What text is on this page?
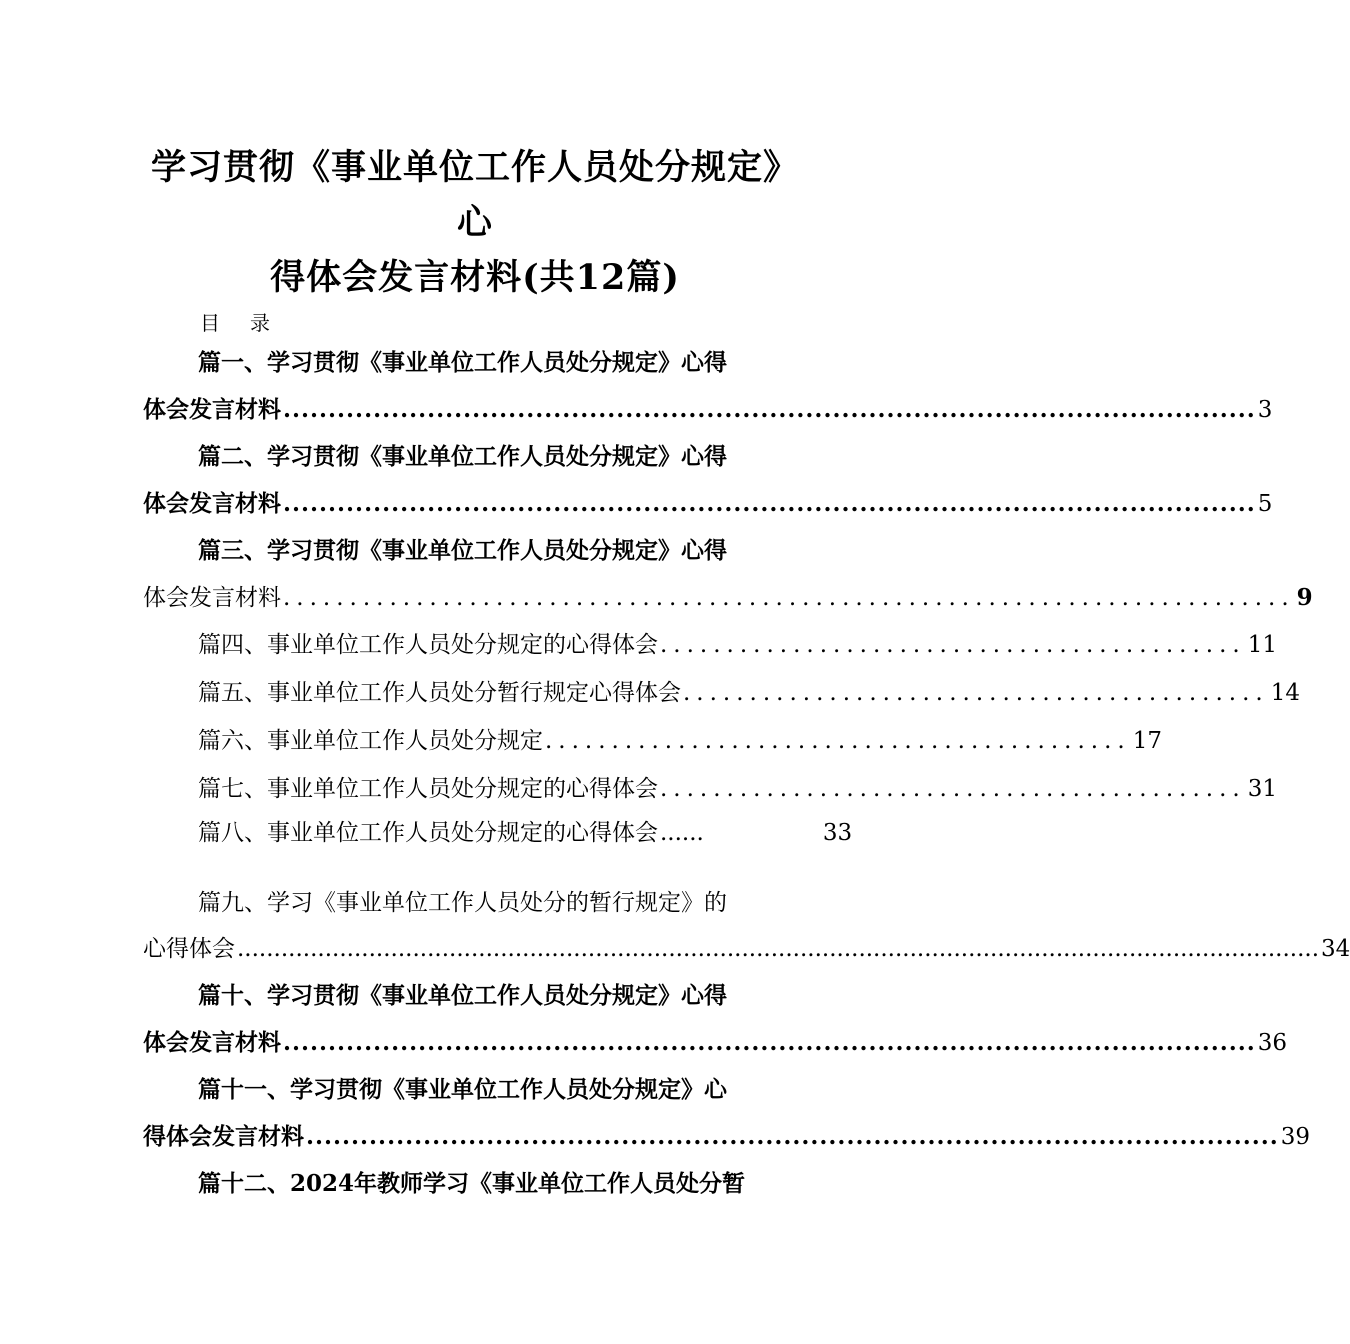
学习贯彻《事业单位工作人员处分规定》心
得体会发言材料(共12篇)
目录
篇一、学习贯彻《事业单位工作人员处分规定》心得
体会发言材料 ............................................................................................................ 3
篇二、学习贯彻《事业单位工作人员处分规定》心得
体会发言材料 ............................................................................................................ 5
篇三、学习贯彻《事业单位工作人员处分规定》心得
体会发言材料 ............................................................................ 9
篇四、事业单位工作人员处分规定的心得体会 ............................................ 11
篇五、事业单位工作人员处分暂行规定心得体会 ............................................ 14
篇六、事业单位工作人员处分规定 ............................................ 17
篇七、事业单位工作人员处分规定的心得体会 ............................................ 31
篇八、事业单位工作人员处分规定的心得体会 ...... 33
篇九、学习《事业单位工作人员处分的暂行规定》的
心得体会 .................................................................................................................................................... 34
篇十、学习贯彻《事业单位工作人员处分规定》心得
体会发言材料 ............................................................................................................ 36
篇十一、学习贯彻《事业单位工作人员处分规定》心
得体会发言材料 ............................................................................................................ 39
篇十二、2024年教师学习《事业单位工作人员处分暂
